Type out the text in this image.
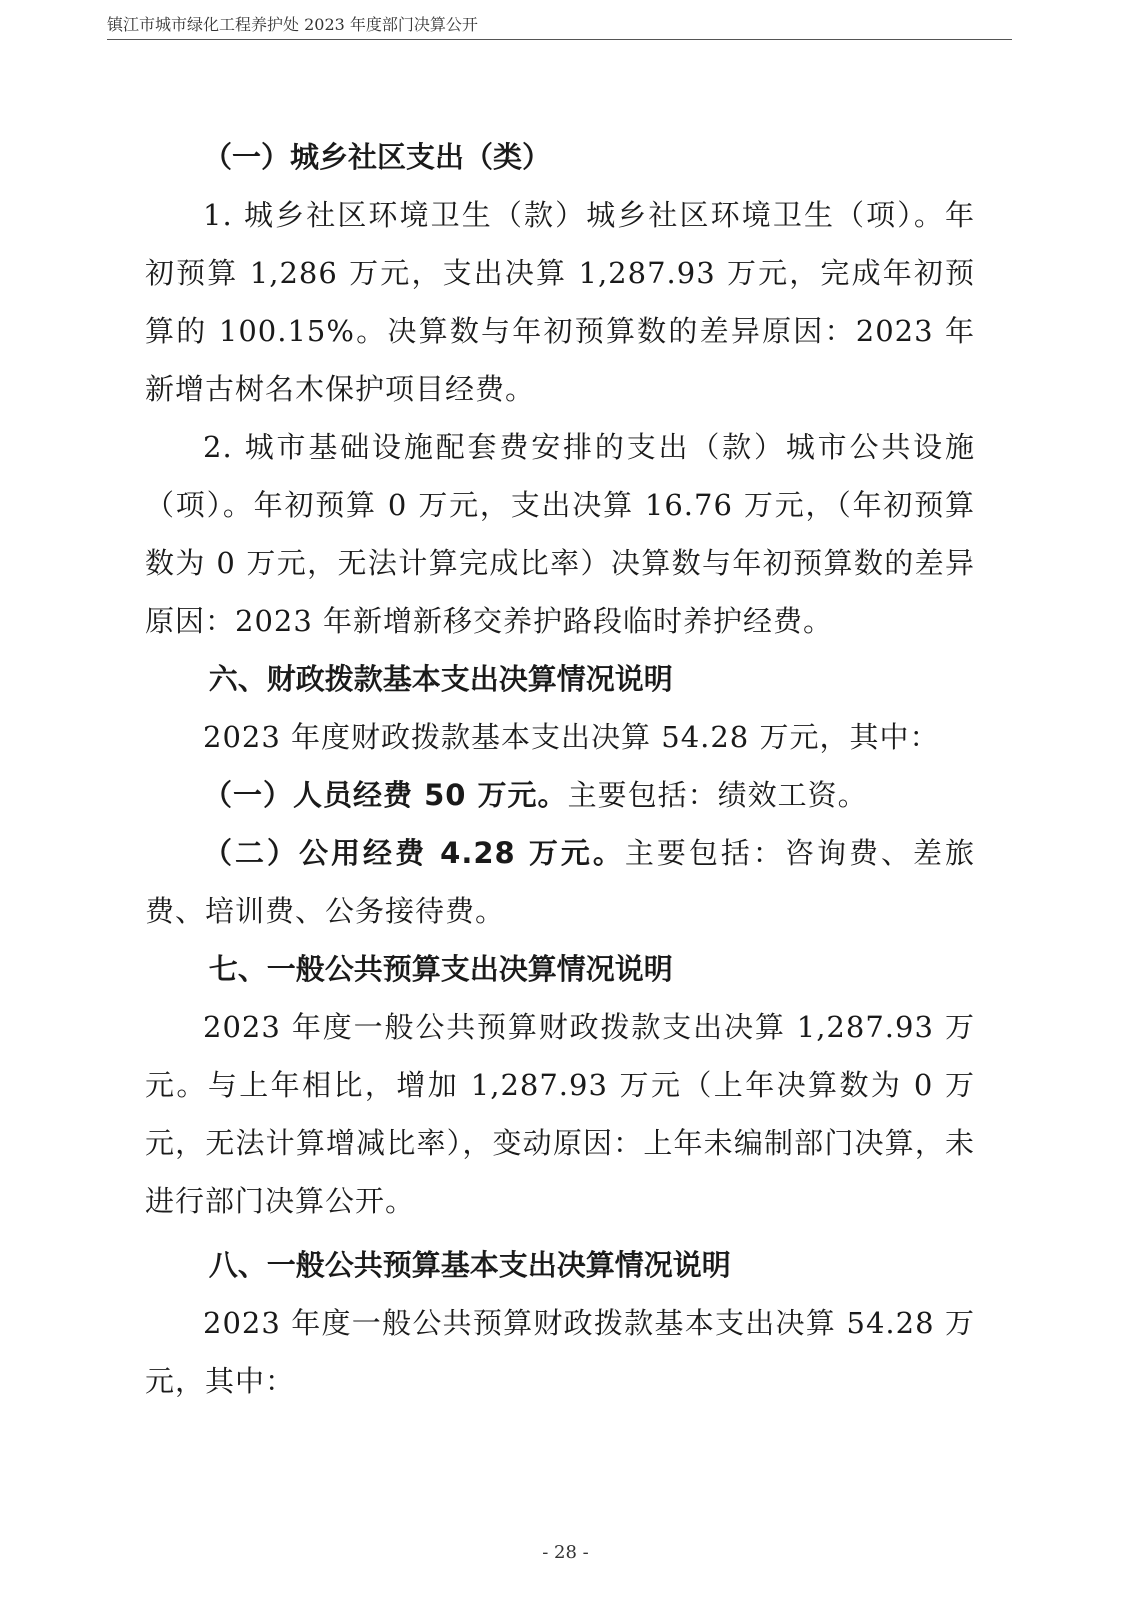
镇江市城市绿化工程养护处 2023 年度部门决算公开

（一）城乡社区支出（类）

1. 城乡社区环境卫生（款）城乡社区环境卫生（项）。年初预算 1,286 万元，支出决算 1,287.93 万元，完成年初预算的 100.15%。决算数与年初预算数的差异原因：2023 年新增古树名木保护项目经费。

2. 城市基础设施配套费安排的支出（款）城市公共设施（项）。年初预算 0 万元，支出决算 16.76 万元，（年初预算数为 0 万元，无法计算完成比率）决算数与年初预算数的差异原因：2023 年新增新移交养护路段临时养护经费。

六、财政拨款基本支出决算情况说明

2023 年度财政拨款基本支出决算 54.28 万元，其中：

（一）人员经费 50 万元。主要包括：绩效工资。

（二）公用经费 4.28 万元。主要包括：咨询费、差旅费、培训费、公务接待费。

七、一般公共预算支出决算情况说明

2023 年度一般公共预算财政拨款支出决算 1,287.93 万元。与上年相比，增加 1,287.93 万元（上年决算数为 0 万元，无法计算增减比率），变动原因：上年未编制部门决算，未进行部门决算公开。

八、一般公共预算基本支出决算情况说明

2023 年度一般公共预算财政拨款基本支出决算 54.28 万元，其中：

- 28 -
